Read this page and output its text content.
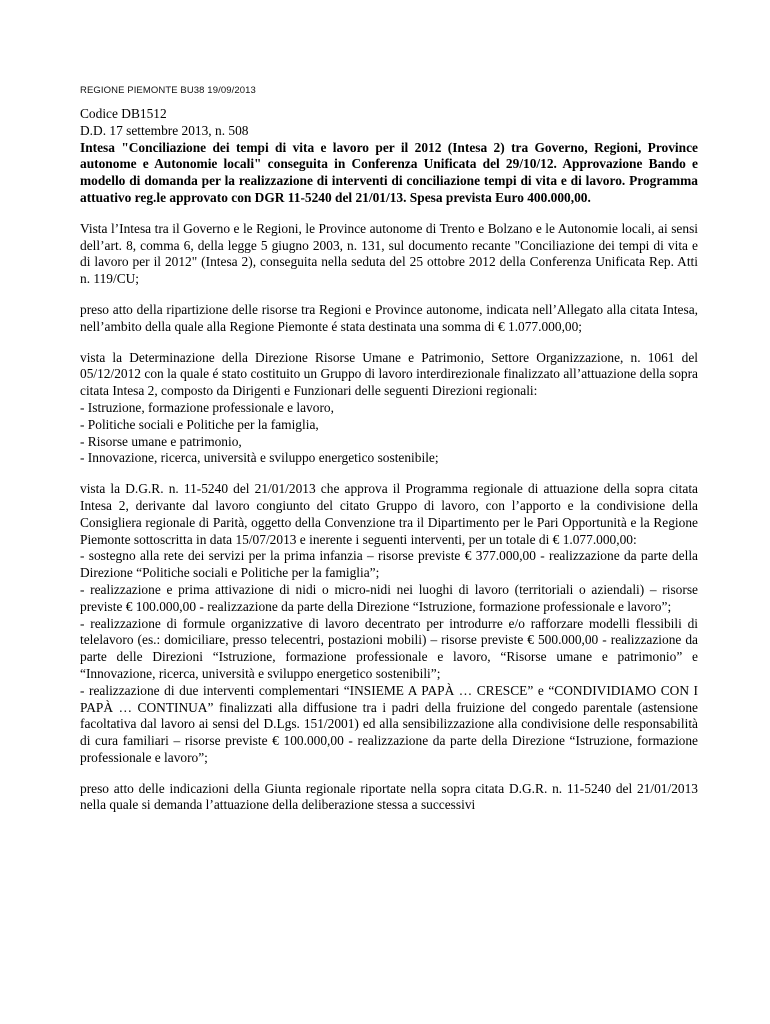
REGIONE PIEMONTE BU38 19/09/2013

Codice DB1512

D.D. 17 settembre 2013, n. 508

Intesa "Conciliazione dei tempi di vita e lavoro per il 2012 (Intesa 2) tra Governo, Regioni, Province autonome e Autonomie locali" conseguita in Conferenza Unificata del 29/10/12. Approvazione Bando e modello di domanda per la realizzazione di interventi di conciliazione tempi di vita e di lavoro. Programma attuativo reg.le approvato con DGR 11-5240 del 21/01/13. Spesa prevista Euro 400.000,00.

Vista l’Intesa tra il Governo e le Regioni, le Province autonome di Trento e Bolzano e le Autonomie locali, ai sensi dell’art. 8, comma 6, della legge 5 giugno 2003, n. 131, sul documento recante "Conciliazione dei tempi di vita e di lavoro per il 2012" (Intesa 2), conseguita nella seduta del 25 ottobre 2012 della Conferenza Unificata Rep. Atti n. 119/CU;

preso atto della ripartizione delle risorse tra Regioni e Province autonome, indicata nell’Allegato alla citata Intesa, nell’ambito della quale alla Regione Piemonte é stata destinata una somma di € 1.077.000,00;

vista la Determinazione della Direzione Risorse Umane e Patrimonio, Settore Organizzazione, n. 1061 del 05/12/2012 con la quale é stato costituito un Gruppo di lavoro interdirezionale finalizzato all’attuazione della sopra citata Intesa 2, composto da Dirigenti e Funzionari delle seguenti Direzioni regionali:

- Istruzione, formazione professionale e lavoro,

- Politiche sociali e Politiche per la famiglia,

- Risorse umane e patrimonio,

- Innovazione, ricerca, università e sviluppo energetico sostenibile;

vista la D.G.R. n. 11-5240 del 21/01/2013 che approva il Programma regionale di attuazione della sopra citata Intesa 2, derivante dal lavoro congiunto del citato Gruppo di lavoro, con l’apporto e la condivisione della Consigliera regionale di Parità, oggetto della Convenzione tra il Dipartimento per le Pari Opportunità e la Regione Piemonte sottoscritta in data 15/07/2013 e inerente i seguenti interventi, per un totale di € 1.077.000,00:

- sostegno alla rete dei servizi per la prima infanzia – risorse previste € 377.000,00 - realizzazione da parte della Direzione “Politiche sociali e Politiche per la famiglia”;

- realizzazione e prima attivazione di nidi o micro-nidi nei luoghi di lavoro (territoriali o aziendali) – risorse previste € 100.000,00 - realizzazione da parte della Direzione “Istruzione, formazione professionale e lavoro”;

- realizzazione di formule organizzative di lavoro decentrato per introdurre e/o rafforzare modelli flessibili di telelavoro (es.: domiciliare, presso telecentri, postazioni mobili) – risorse previste € 500.000,00 - realizzazione da parte delle Direzioni “Istruzione, formazione professionale e lavoro, “Risorse umane e patrimonio” e “Innovazione, ricerca, università e sviluppo energetico sostenibili”;

- realizzazione di due interventi complementari “INSIEME A PAPÀ … CRESCE” e “CONDIVIDIAMO CON I PAPÀ … CONTINUA” finalizzati alla diffusione tra i padri della fruizione del congedo parentale (astensione facoltativa dal lavoro ai sensi del D.Lgs. 151/2001) ed alla sensibilizzazione alla condivisione delle responsabilità di cura familiari – risorse previste € 100.000,00 - realizzazione da parte della Direzione “Istruzione, formazione professionale e lavoro”;

preso atto delle indicazioni della Giunta regionale riportate nella sopra citata D.G.R. n. 11-5240 del 21/01/2013 nella quale si demanda l’attuazione della deliberazione stessa a successivi
